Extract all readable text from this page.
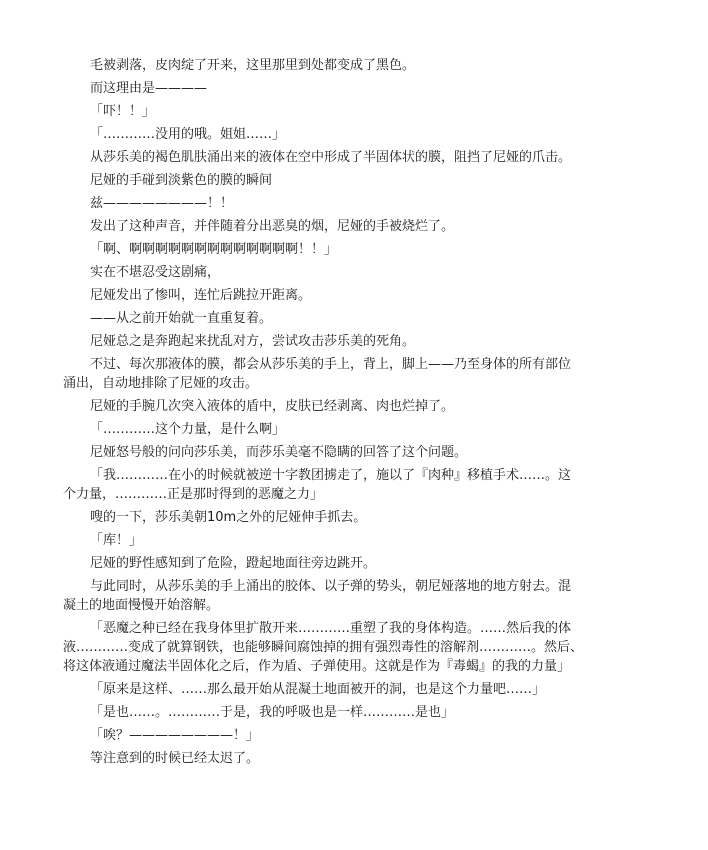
毛被剥落，皮肉绽了开来，这里那里到处都变成了黑色。

而这理由是————

「吓！！」

「…………没用的哦。姐姐……」

从莎乐美的褐色肌肤涌出来的液体在空中形成了半固体状的膜，阻挡了尼娅的爪击。

尼娅的手碰到淡紫色的膜的瞬间

兹————————！！

发出了这种声音，并伴随着分出恶臭的烟，尼娅的手被烧烂了。

「啊、啊啊啊啊啊啊啊啊啊啊啊啊啊！！」

实在不堪忍受这剧痛，

尼娅发出了惨叫，连忙后跳拉开距离。

——从之前开始就一直重复着。

尼娅总之是奔跑起来扰乱对方，尝试攻击莎乐美的死角。

不过、每次那液体的膜，都会从莎乐美的手上，背上，脚上——乃至身体的所有部位涌出，自动地排除了尼娅的攻击。

尼娅的手腕几次突入液体的盾中，皮肤已经剥离、肉也烂掉了。

「…………这个力量，是什么啊」

尼娅怒号般的问向莎乐美，而莎乐美毫不隐瞒的回答了这个问题。

「我…………在小的时候就被逆十字教团掳走了，施以了『肉种』移植手术……。这个力量，…………正是那时得到的恶魔之力」

嗖的一下，莎乐美朝10m之外的尼娅伸手抓去。

「库！」

尼娅的野性感知到了危险，蹬起地面往旁边跳开。

与此同时，从莎乐美的手上涌出的胶体、以子弹的势头，朝尼娅落地的地方射去。混凝土的地面慢慢开始溶解。

「恶魔之种已经在我身体里扩散开来…………重塑了我的身体构造。……然后我的体液…………变成了就算钢铁，也能够瞬间腐蚀掉的拥有强烈毒性的溶解剂…………。然后、将这体液通过魔法半固体化之后，作为盾、子弹使用。这就是作为『毒蝎』的我的力量」

「原来是这样、……那么最开始从混凝土地面被开的洞，也是这个力量吧……」

「是也……。…………于是，我的呼吸也是一样…………是也」

「唉？————————！」

等注意到的时候已经太迟了。
